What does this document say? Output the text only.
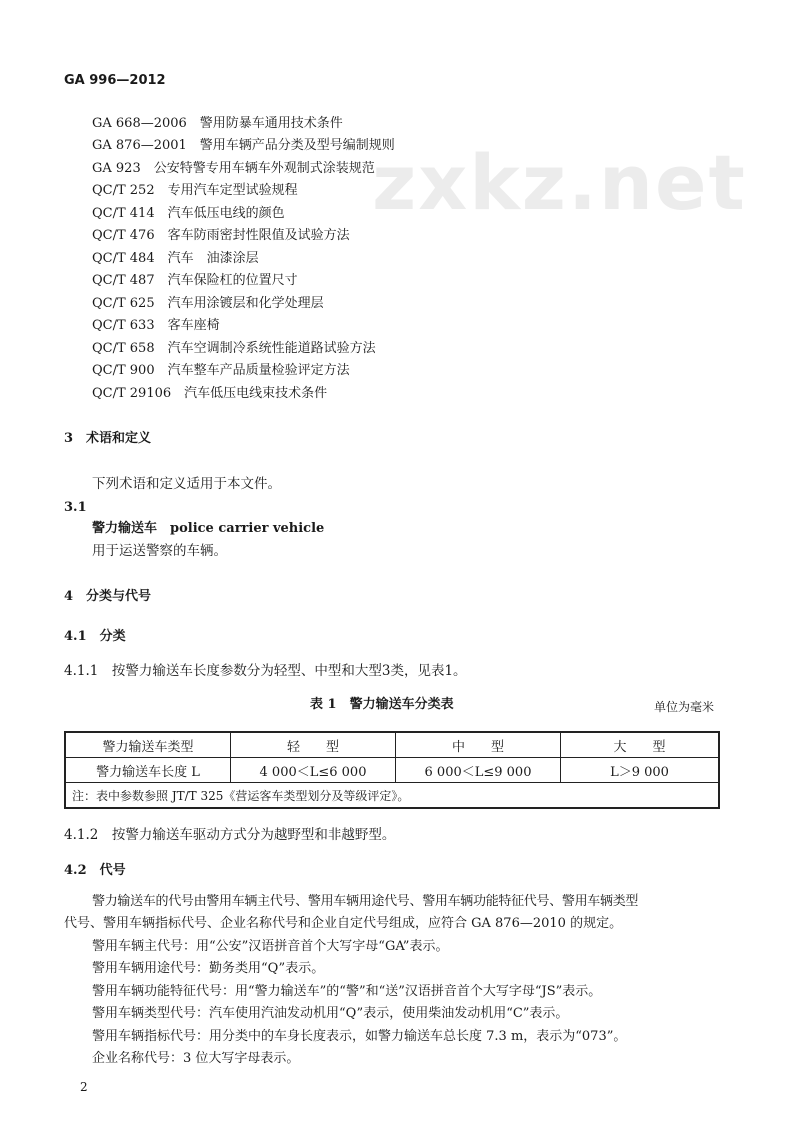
zxkz.net
GA 996—2012
GA 668—2006　警用防暴车通用技术条件
GA 876—2001　警用车辆产品分类及型号编制规则
GA 923　公安特警专用车辆车外观制式涂装规范
QC/T 252　专用汽车定型试验规程
QC/T 414　汽车低压电线的颜色
QC/T 476　客车防雨密封性限值及试验方法
QC/T 484　汽车　油漆涂层
QC/T 487　汽车保险杠的位置尺寸
QC/T 625　汽车用涂镀层和化学处理层
QC/T 633　客车座椅
QC/T 658　汽车空调制冷系统性能道路试验方法
QC/T 900　汽车整车产品质量检验评定方法
QC/T 29106　汽车低压电线束技术条件
3　术语和定义
下列术语和定义适用于本文件。
3.1
警力输送车　police carrier vehicle
用于运送警察的车辆。
4　分类与代号
4.1　分类
4.1.1　按警力输送车长度参数分为轻型、中型和大型3类，见表1。
表 1　警力输送车分类表	单位为毫米
警力输送车类型	轻　　型	中　　型	大　　型
警力输送车长度 L	4 000＜L≤6 000	6 000＜L≤9 000	L＞9 000
注：表中参数参照 JT/T 325《营运客车类型划分及等级评定》。			
4.1.2　按警力输送车驱动方式分为越野型和非越野型。
4.2　代号
警力输送车的代号由警用车辆主代号、警用车辆用途代号、警用车辆功能特征代号、警用车辆类型
代号、警用车辆指标代号、企业名称代号和企业自定代号组成，应符合 GA 876—2010 的规定。
警用车辆主代号：用“公安”汉语拼音首个大写字母“GA”表示。
警用车辆用途代号：勤务类用“Q”表示。
警用车辆功能特征代号：用“警力输送车”的“警”和“送”汉语拼音首个大写字母“JS”表示。
警用车辆类型代号：汽车使用汽油发动机用“Q”表示，使用柴油发动机用“C”表示。
警用车辆指标代号：用分类中的车身长度表示，如警力输送车总长度 7.3 m，表示为“073”。
企业名称代号：3 位大写字母表示。
2
